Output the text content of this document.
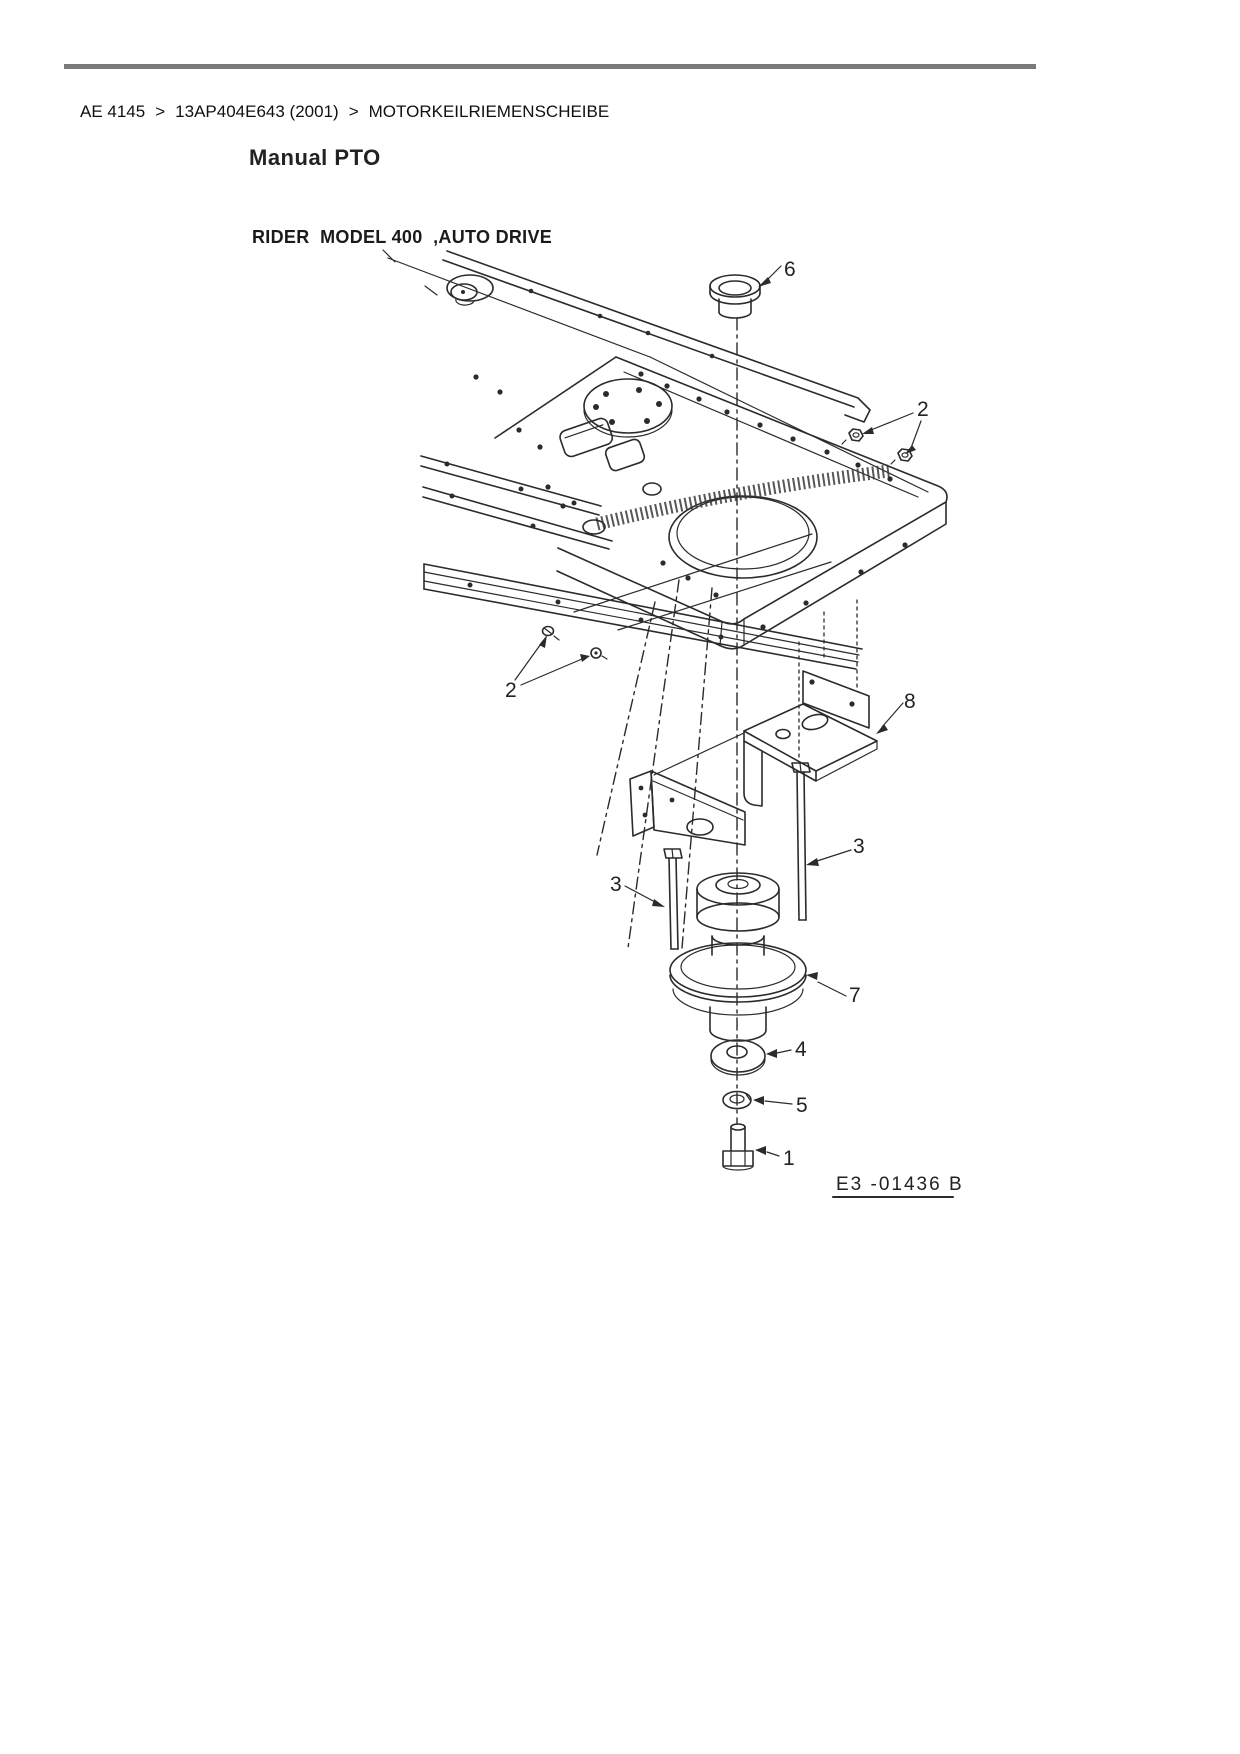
AE 4145 > 13AP404E643 (2001) > MOTORKEILRIEMENSCHEIBE
Manual PTO
RIDER  MODEL 400  ,AUTO DRIVE
6
2
2	8
3
3
7
4
5
1
E3 -01436 B
